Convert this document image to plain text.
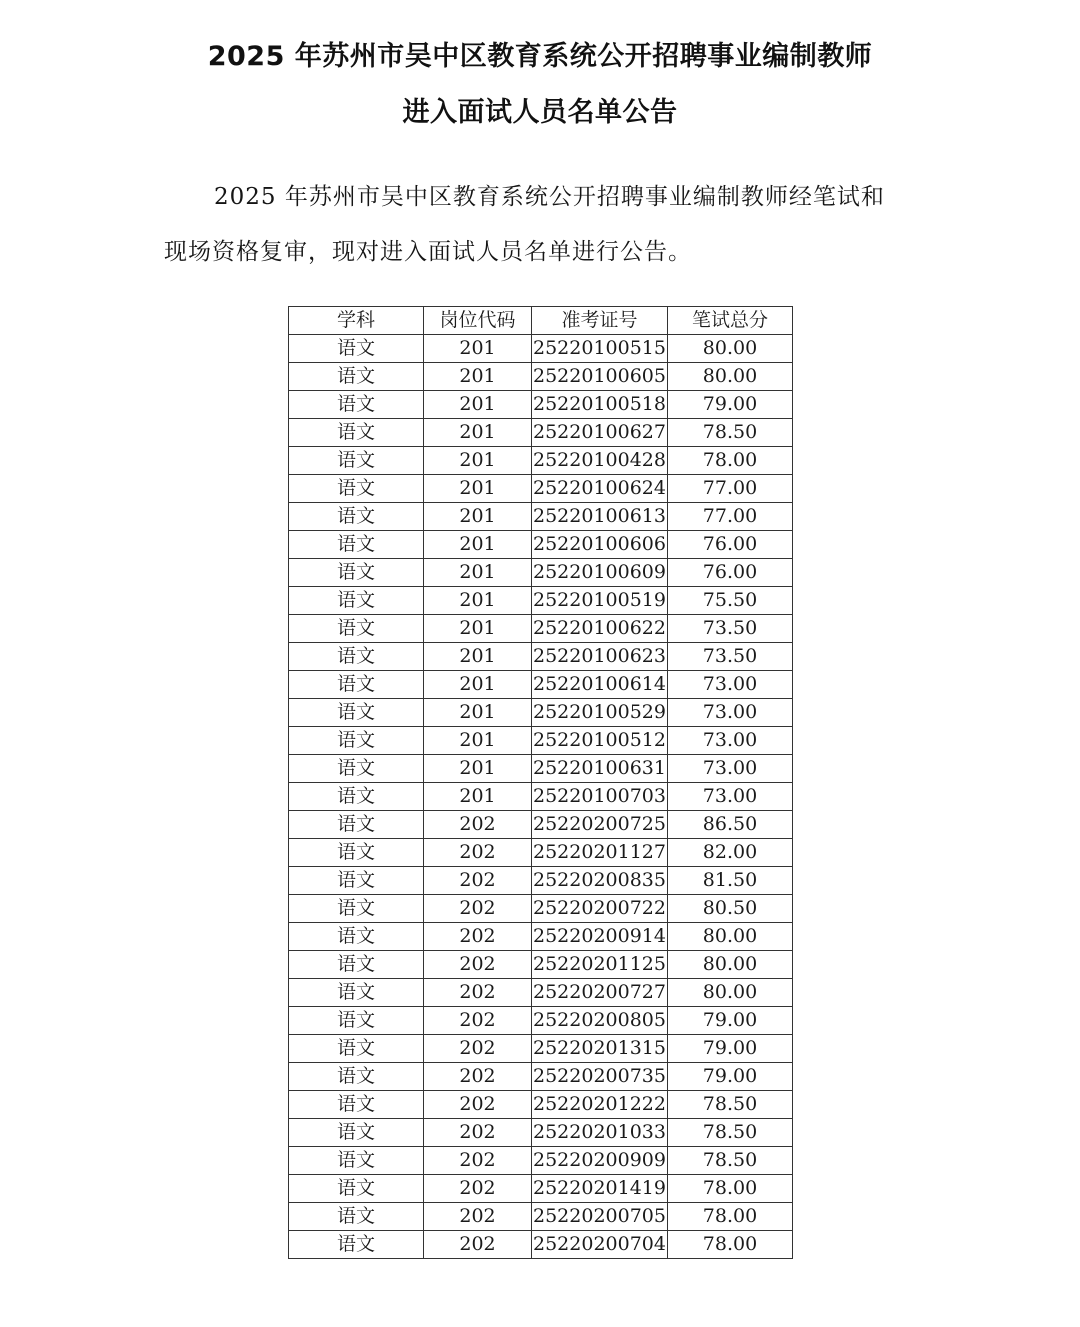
2025 年苏州市吴中区教育系统公开招聘事业编制教师
进入面试人员名单公告
2025 年苏州市吴中区教育系统公开招聘事业编制教师经笔试和
现场资格复审，现对进入面试人员名单进行公告。
学科	岗位代码	准考证号	笔试总分
语文	201	25220100515	80.00
语文	201	25220100605	80.00
语文	201	25220100518	79.00
语文	201	25220100627	78.50
语文	201	25220100428	78.00
语文	201	25220100624	77.00
语文	201	25220100613	77.00
语文	201	25220100606	76.00
语文	201	25220100609	76.00
语文	201	25220100519	75.50
语文	201	25220100622	73.50
语文	201	25220100623	73.50
语文	201	25220100614	73.00
语文	201	25220100529	73.00
语文	201	25220100512	73.00
语文	201	25220100631	73.00
语文	201	25220100703	73.00
语文	202	25220200725	86.50
语文	202	25220201127	82.00
语文	202	25220200835	81.50
语文	202	25220200722	80.50
语文	202	25220200914	80.00
语文	202	25220201125	80.00
语文	202	25220200727	80.00
语文	202	25220200805	79.00
语文	202	25220201315	79.00
语文	202	25220200735	79.00
语文	202	25220201222	78.50
语文	202	25220201033	78.50
语文	202	25220200909	78.50
语文	202	25220201419	78.00
语文	202	25220200705	78.00
语文	202	25220200704	78.00
